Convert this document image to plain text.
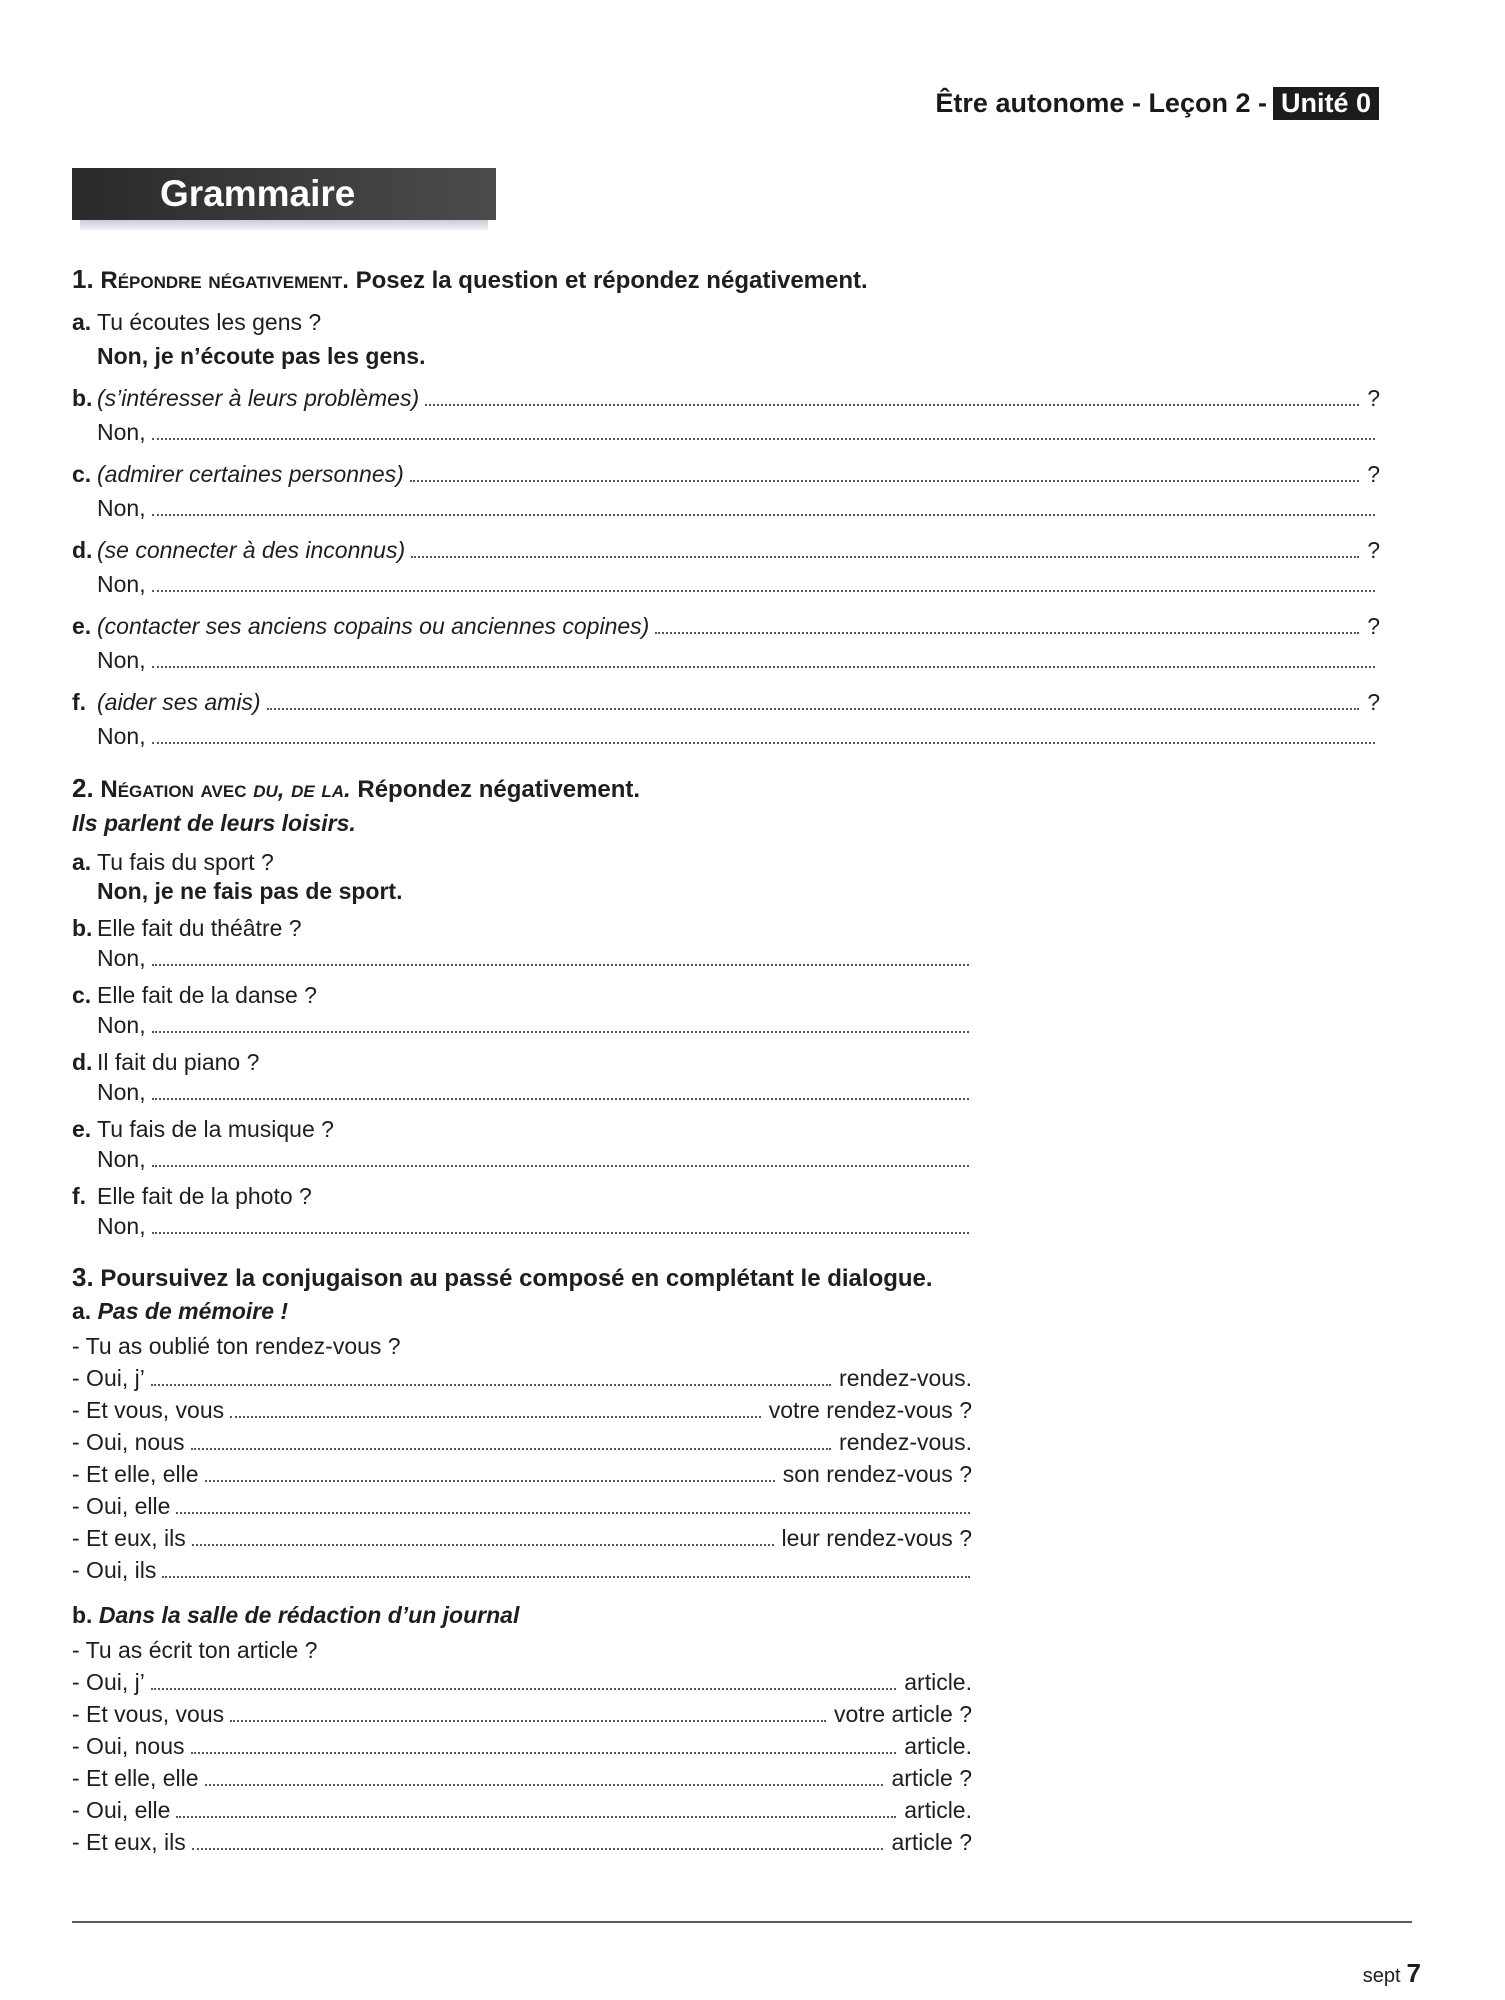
Être autonome - Leçon 2 - Unité 0
Grammaire
1. Répondre négativement. Posez la question et répondez négativement.
a. Tu écoutes les gens ?
Non, je n’écoute pas les gens.
b. (s’intéresser à leurs problèmes)	?
Non,
c. (admirer certaines personnes)	?
Non,
d. (se connecter à des inconnus)	?
Non,
e. (contacter ses anciens copains ou anciennes copines)	?
Non,
f. (aider ses amis)	?
Non,
2. Négation avec du, de la. Répondez négativement.
Ils parlent de leurs loisirs.
a. Tu fais du sport ?
Non, je ne fais pas de sport.
b. Elle fait du théâtre ?
Non,
c. Elle fait de la danse ?
Non,
d. Il fait du piano ?
Non,
e. Tu fais de la musique ?
Non,
f. Elle fait de la photo ?
Non,
3. Poursuivez la conjugaison au passé composé en complétant le dialogue.
a. Pas de mémoire !
- Tu as oublié ton rendez-vous ?
- Oui, j’	rendez-vous.
- Et vous, vous	votre rendez-vous ?
- Oui, nous	rendez-vous.
- Et elle, elle	son rendez-vous ?
- Oui, elle
- Et eux, ils	leur rendez-vous ?
- Oui, ils
b. Dans la salle de rédaction d’un journal
- Tu as écrit ton article ?
- Oui, j’	article.
- Et vous, vous	votre article ?
- Oui, nous	article.
- Et elle, elle	article ?
- Oui, elle	article.
- Et eux, ils	article ?
sept 7
